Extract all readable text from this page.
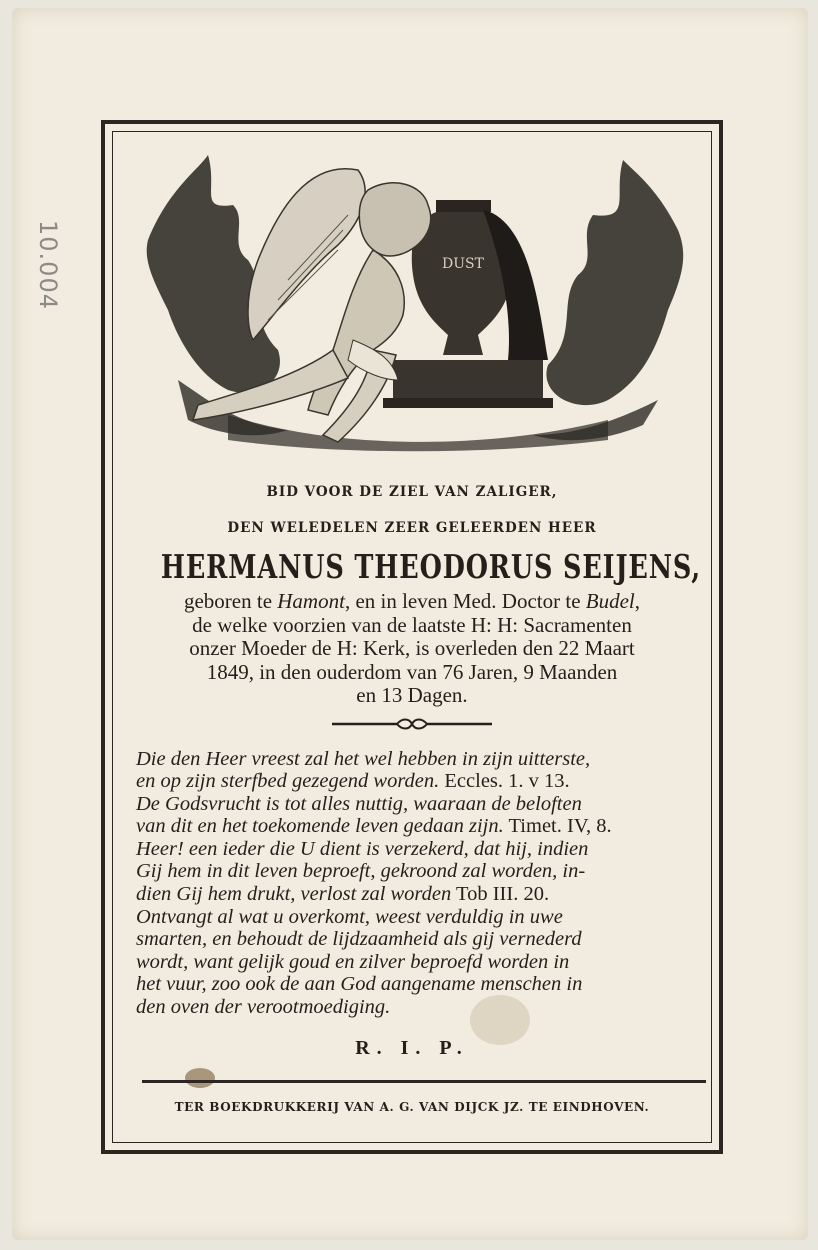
10.004	DUST
BID VOOR DE ZIEL VAN ZALIGER,
DEN WELEDELEN ZEER GELEERDEN HEER
HERMANUS THEODORUS SEIJENS,
geboren te Hamont, en in leven Med. Doctor te Budel,
de welke voorzien van de laatste H: H: Sacramenten
onzer Moeder de H: Kerk, is overleden den 22 Maart
1849, in den ouderdom van 76 Jaren, 9 Maanden
en 13 Dagen.
Die den Heer vreest zal het wel hebben in zijn uitterste,
en op zijn sterfbed gezegend worden. Eccles. 1. v 13.
De Godsvrucht is tot alles nuttig, waaraan de beloften
van dit en het toekomende leven gedaan zijn. Timet. IV, 8.
Heer! een ieder die U dient is verzekerd, dat hij, indien
Gij hem in dit leven beproeft, gekroond zal worden, in-
dien Gij hem drukt, verlost zal worden Tob III. 20.
Ontvangt al wat u overkomt, weest verduldig in uwe
smarten, en behoudt de lijdzaamheid als gij vernederd
wordt, want gelijk goud en zilver beproefd worden in
het vuur, zoo ook de aan God aangename menschen in
den oven der verootmoediging.
R. I. P.
TER BOEKDRUKKERIJ VAN A. G. VAN DIJCK JZ. TE EINDHOVEN.
